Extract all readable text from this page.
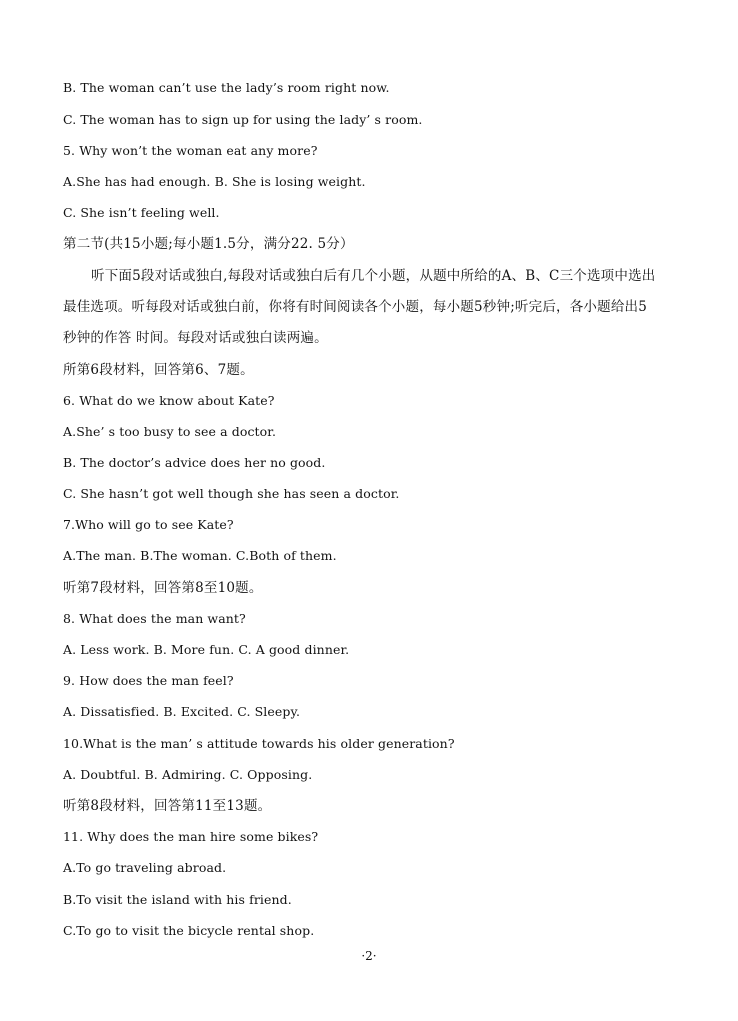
B. The woman can’t use the lady’s room right now.
C. The woman has to sign up for using the lady’ s room.
5. Why won’t the woman eat any more?
A.She has had enough. B. She is losing weight.
C. She isn’t feeling well.
第二节(共15小题;每小题1.5分，满分22. 5分）
听下面5段对话或独白,每段对话或独白后有几个小题，从题中所给的A、B、C三个选项中选出
最佳选项。听每段对话或独白前，你将有时间阅读各个小题，每小题5秒钟;听完后，各小题给出5
秒钟的作答 时间。每段对话或独白读两遍。
所第6段材料，回答第6、7题。
6. What do we know about Kate?
A.She’ s too busy to see a doctor.
B. The doctor’s advice does her no good.
C. She hasn’t got well though she has seen a doctor.
7.Who will go to see Kate?
A.The man. B.The woman. C.Both of them.
听第7段材料，回答第8至10题。
8. What does the man want?
A. Less work. B. More fun. C. A good dinner.
9. How does the man feel?
A. Dissatisfied. B. Excited. C. Sleepy.
10.What is the man’ s attitude towards his older generation?
A. Doubtful. B. Admiring. C. Opposing.
听第8段材料，回答第11至13题。
11. Why does the man hire some bikes?
A.To go traveling abroad.
B.To visit the island with his friend.
C.To go to visit the bicycle rental shop.
·2·
